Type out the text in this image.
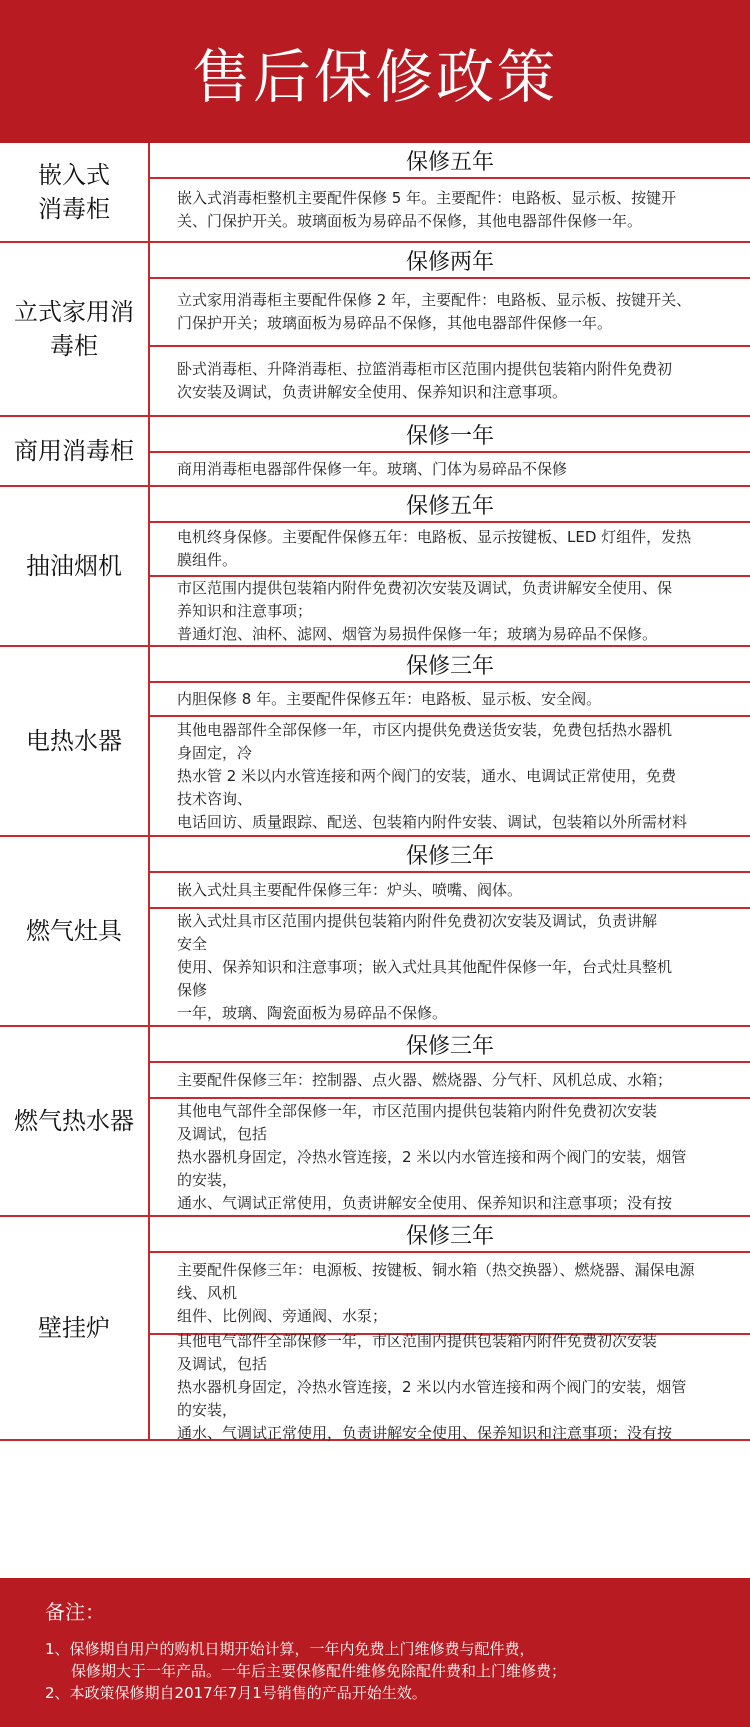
售后保修政策
嵌入式
消毒柜
保修五年
嵌入式消毒柜整机主要配件保修 5 年。主要配件：电路板、显示板、按键开
关、门保护开关。玻璃面板为易碎品不保修，其他电器部件保修一年。
立式家用消
毒柜
保修两年
立式家用消毒柜主要配件保修 2 年，主要配件：电路板、显示板、按键开关、
门保护开关；玻璃面板为易碎品不保修，其他电器部件保修一年。
卧式消毒柜、升降消毒柜、拉篮消毒柜市区范围内提供包装箱内附件免费初
次安装及调试，负责讲解安全使用、保养知识和注意事项。
商用消毒柜
保修一年
商用消毒柜电器部件保修一年。玻璃、门体为易碎品不保修
抽油烟机
保修五年
电机终身保修。主要配件保修五年：电路板、显示按键板、LED 灯组件，发热
膜组件。
市区范围内提供包装箱内附件免费初次安装及调试，负责讲解安全使用、保
养知识和注意事项；
普通灯泡、油杯、滤网、烟管为易损件保修一年；玻璃为易碎品不保修。
电热水器
保修三年
内胆保修 8 年。主要配件保修五年：电路板、显示板、安全阀。
其他电器部件全部保修一年，市区内提供免费送货安装，免费包括热水器机
身固定，冷
热水管 2 米以内水管连接和两个阀门的安装，通水、电调试正常使用，免费
技术咨询、
电话回访、质量跟踪、配送、包装箱内附件安装、调试，包装箱以外所需材料
燃气灶具
保修三年
嵌入式灶具主要配件保修三年：炉头、喷嘴、阀体。
嵌入式灶具市区范围内提供包装箱内附件免费初次安装及调试，负责讲解
安全
使用、保养知识和注意事项；嵌入式灶具其他配件保修一年，台式灶具整机
保修
一年，玻璃、陶瓷面板为易碎品不保修。
燃气热水器
保修三年
主要配件保修三年：控制器、点火器、燃烧器、分气杆、风机总成、水箱；
其他电气部件全部保修一年，市区范围内提供包装箱内附件免费初次安装
及调试，包括
热水器机身固定，冷热水管连接，2 米以内水管连接和两个阀门的安装，烟管
的安装，
通水、气调试正常使用，负责讲解安全使用、保养知识和注意事项；没有按
壁挂炉
保修三年
主要配件保修三年：电源板、按键板、铜水箱（热交换器）、燃烧器、漏保电源
线、风机
组件、比例阀、旁通阀、水泵；
其他电气部件全部保修一年，市区范围内提供包装箱内附件免费初次安装
及调试，包括
热水器机身固定，冷热水管连接，2 米以内水管连接和两个阀门的安装，烟管
的安装，
通水、气调试正常使用，负责讲解安全使用、保养知识和注意事项；没有按
备注：
1、保修期自用户的购机日期开始计算，一年内免费上门维修费与配件费，
保修期大于一年产品。一年后主要保修配件维修免除配件费和上门维修费；
2、本政策保修期自2017年7月1号销售的产品开始生效。
